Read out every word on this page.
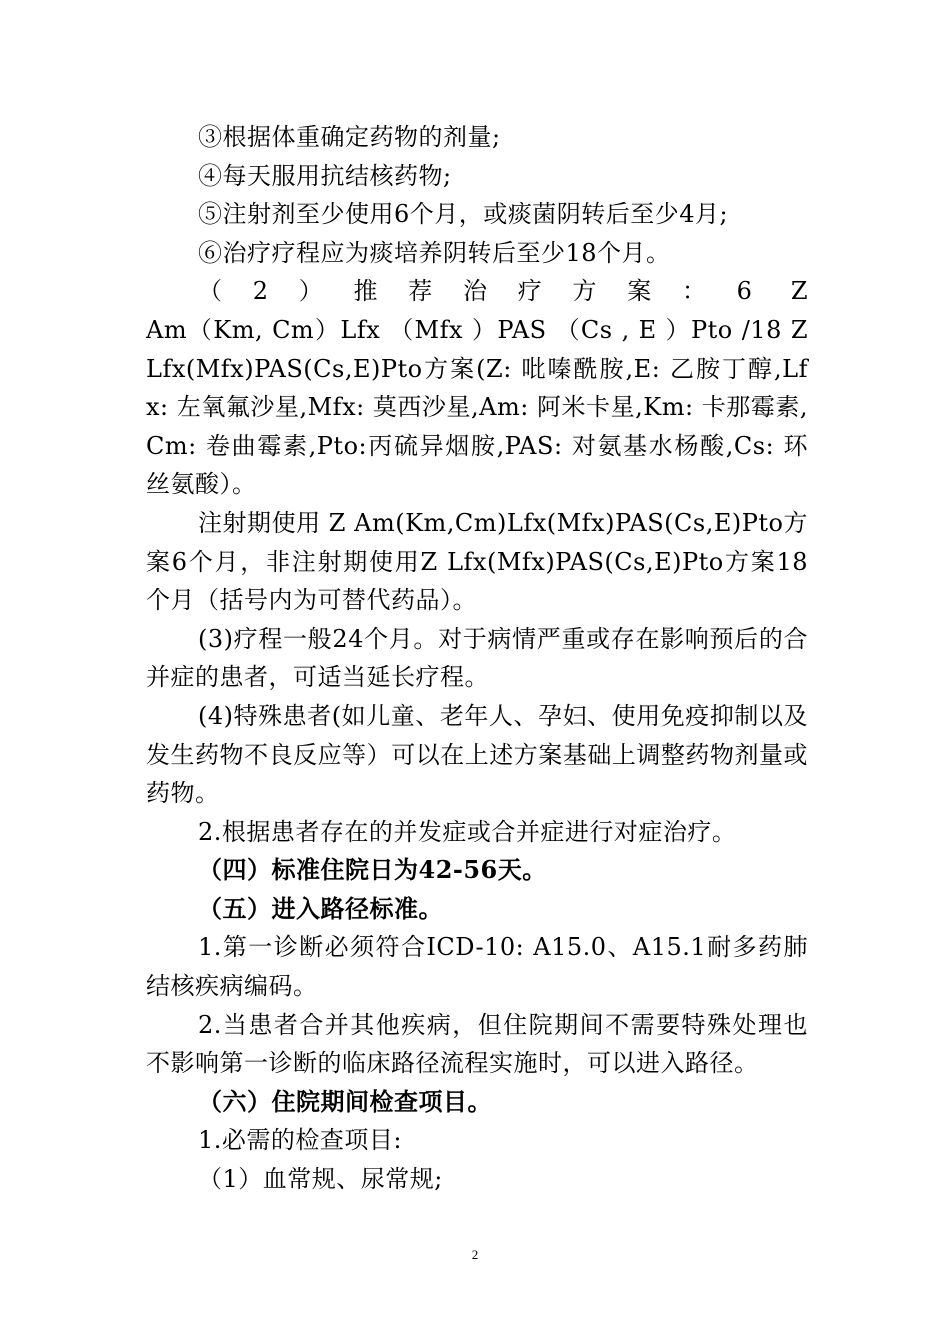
③根据体重确定药物的剂量;

④每天服用抗结核药物;

⑤注射剂至少使用6个月，或痰菌阴转后至少4月;

⑥治疗疗程应为痰培养阴转后至少18个月。

（2）推荐治疗方案：6 Z

Am（Km, Cm）Lfx （Mfx ）PAS （Cs , E ）Pto /18 Z Lfx(Mfx)PAS(Cs,E)Pto方案(Z: 吡嗪酰胺,E: 乙胺丁醇,Lfx: 左氧氟沙星,Mfx: 莫西沙星,Am: 阿米卡星,Km: 卡那霉素,Cm: 卷曲霉素,Pto:丙硫异烟胺,PAS: 对氨基水杨酸,Cs: 环丝氨酸）。

注射期使用 Z Am(Km,Cm)Lfx(Mfx)PAS(Cs,E)Pto方案6个月，非注射期使用Z Lfx(Mfx)PAS(Cs,E)Pto方案18个月（括号内为可替代药品）。

(3)疗程一般24个月。对于病情严重或存在影响预后的合并症的患者，可适当延长疗程。

(4)特殊患者(如儿童、老年人、孕妇、使用免疫抑制以及发生药物不良反应等）可以在上述方案基础上调整药物剂量或药物。

2.根据患者存在的并发症或合并症进行对症治疗。

（四）标准住院日为42-56天。

（五）进入路径标准。

1.第一诊断必须符合ICD-10: A15.0、A15.1耐多药肺结核疾病编码。

2.当患者合并其他疾病，但住院期间不需要特殊处理也不影响第一诊断的临床路径流程实施时，可以进入路径。

（六）住院期间检查项目。

1.必需的检查项目:

（1）血常规、尿常规;

2
